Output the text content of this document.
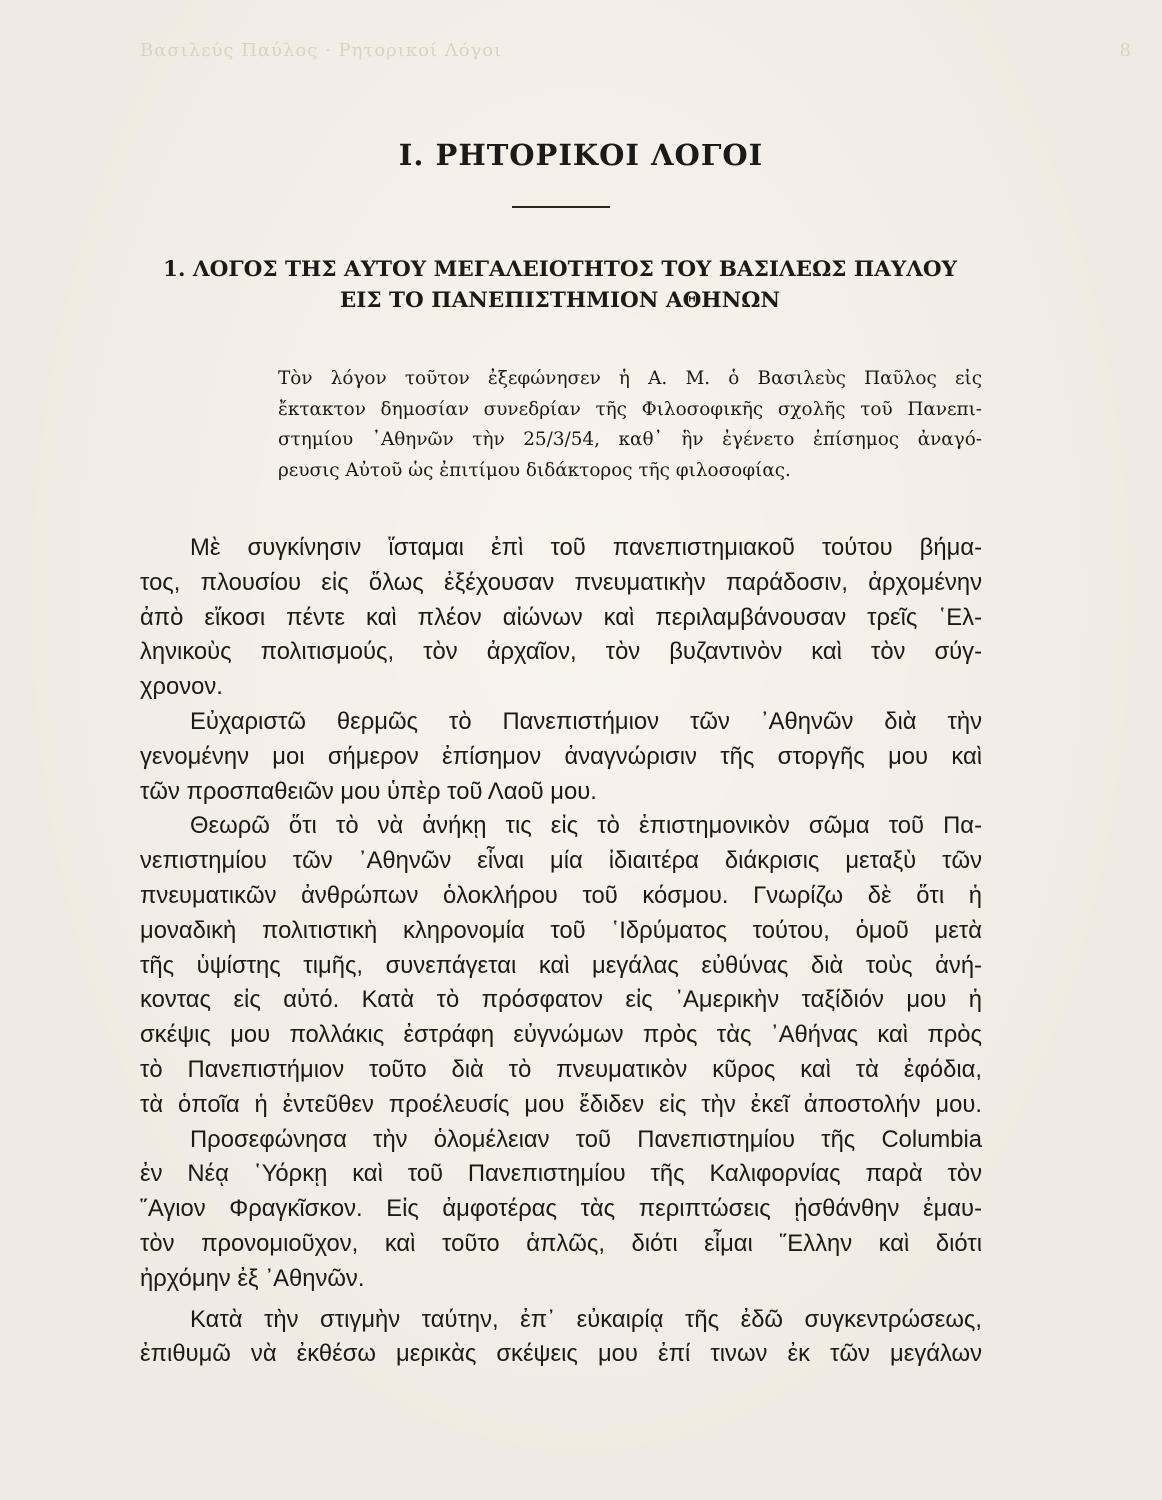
Βασιλεύς Παύλος · Ρητορικοί Λόγοι	8
I. ΡΗΤΟΡΙΚΟΙ ΛΟΓΟΙ
1. ΛΟΓΟΣ ΤΗΣ ΑΥΤΟΥ ΜΕΓΑΛΕΙΟΤΗΤΟΣ ΤΟΥ ΒΑΣΙΛΕΩΣ ΠΑΥΛΟΥ
ΕΙΣ ΤΟ ΠΑΝΕΠΙΣΤΗΜΙΟΝ ΑΘΗΝΩΝ
Τὸν λόγον τοῦτον ἐξεφώνησεν ἡ Α. Μ. ὁ Βασιλεὺς Παῦλος εἰς
ἔκτακτον δημοσίαν συνεδρίαν τῆς Φιλοσοφικῆς σχολῆς τοῦ Πανεπι-
στημίου ᾿Αθηνῶν τὴν 25/3/54, καθ᾿ ἣν ἐγένετο ἐπίσημος ἀναγό-
ρευσις Αὐτοῦ ὡς ἐπιτίμου διδάκτορος τῆς φιλοσοφίας.
Μὲ συγκίνησιν ἵσταμαι ἐπὶ τοῦ πανεπιστημιακοῦ τούτου βήμα-
τος, πλουσίου εἰς ὅλως ἐξέχουσαν πνευματικὴν παράδοσιν, ἀρχομένην
ἀπὸ εἴκοσι πέντε καὶ πλέον αἰώνων καὶ περιλαμβάνουσαν τρεῖς ῾Ελ-
ληνικοὺς πολιτισμούς, τὸν ἀρχαῖον, τὸν βυζαντινὸν καὶ τὸν σύγ-
χρονον.
Εὐχαριστῶ θερμῶς τὸ Πανεπιστήμιον τῶν ᾿Αθηνῶν διὰ τὴν
γενομένην μοι σήμερον ἐπίσημον ἀναγνώρισιν τῆς στοργῆς μου καὶ
τῶν προσπαθειῶν μου ὑπὲρ τοῦ Λαοῦ μου.
Θεωρῶ ὅτι τὸ νὰ ἀνήκῃ τις εἰς τὸ ἐπιστημονικὸν σῶμα τοῦ Πα-
νεπιστημίου τῶν ᾿Αθηνῶν εἶναι μία ἰδιαιτέρα διάκρισις μεταξὺ τῶν
πνευματικῶν ἀνθρώπων ὁλοκλήρου τοῦ κόσμου. Γνωρίζω δὲ ὅτι ἡ
μοναδικὴ πολιτιστικὴ κληρονομία τοῦ ῾Ιδρύματος τούτου, ὁμοῦ μετὰ
τῆς ὑψίστης τιμῆς, συνεπάγεται καὶ μεγάλας εὐθύνας διὰ τοὺς ἀνή-
κοντας εἰς αὐτό. Κατὰ τὸ πρόσφατον εἰς ᾿Αμερικὴν ταξίδιόν μου ἡ
σκέψις μου πολλάκις ἐστράφη εὐγνώμων πρὸς τὰς ᾿Αθήνας καὶ πρὸς
τὸ Πανεπιστήμιον τοῦτο διὰ τὸ πνευματικὸν κῦρος καὶ τὰ ἐφόδια,
τὰ ὁποῖα ἡ ἐντεῦθεν προέλευσίς μου ἔδιδεν εἰς τὴν ἐκεῖ ἀποστολήν μου.
Προσεφώνησα τὴν ὁλομέλειαν τοῦ Πανεπιστημίου τῆς Columbia
ἐν Νέᾳ ῾Υόρκῃ καὶ τοῦ Πανεπιστημίου τῆς Καλιφορνίας παρὰ τὸν
῞Αγιον Φραγκῖσκον. Εἰς ἀμφοτέρας τὰς περιπτώσεις ᾐσθάνθην ἐμαυ-
τὸν προνομιοῦχον, καὶ τοῦτο ἁπλῶς, διότι εἶμαι ῞Ελλην καὶ διότι
ἠρχόμην ἐξ ᾿Αθηνῶν.
Κατὰ τὴν στιγμὴν ταύτην, ἐπ᾿ εὐκαιρίᾳ τῆς ἐδῶ συγκεντρώσεως,
ἐπιθυμῶ νὰ ἐκθέσω μερικὰς σκέψεις μου ἐπί τινων ἐκ τῶν μεγάλων
